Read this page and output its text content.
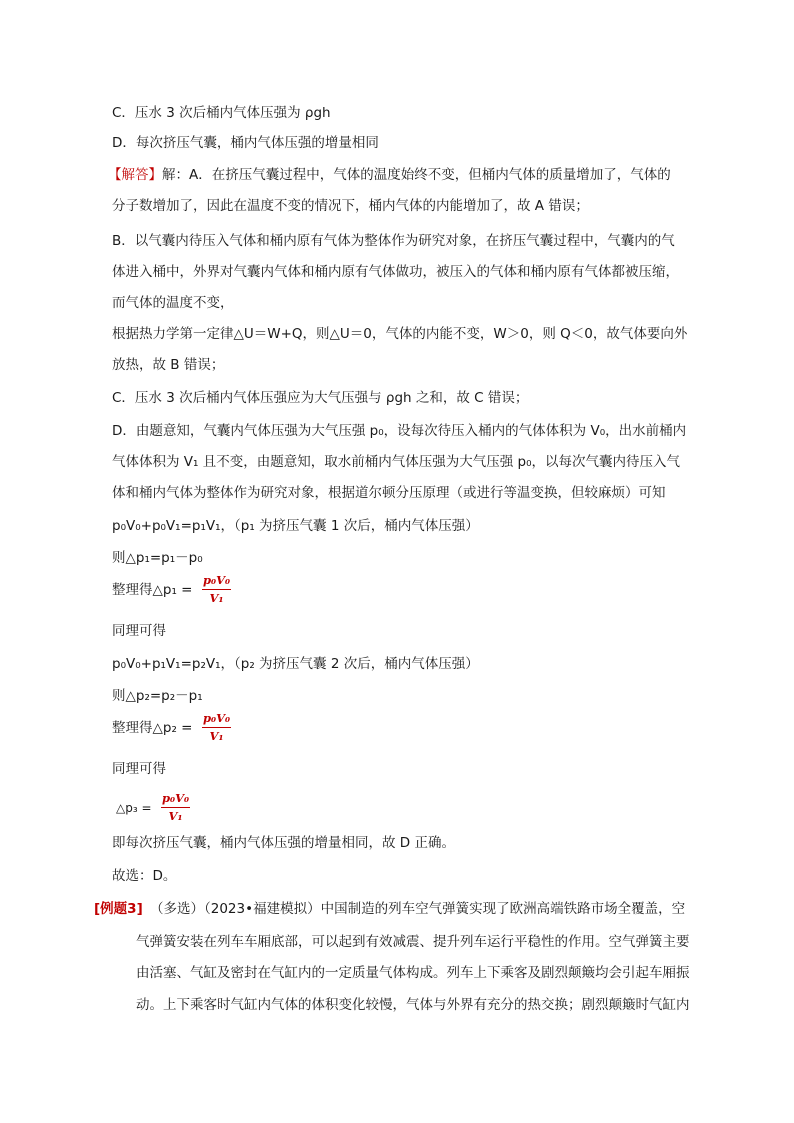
C．压水 3 次后桶内气体压强为 ρgh
D．每次挤压气囊，桶内气体压强的增量相同
【解答】解：A．在挤压气囊过程中，气体的温度始终不变，但桶内气体的质量增加了，气体的
分子数增加了，因此在温度不变的情况下，桶内气体的内能增加了，故 A 错误；
B．以气囊内待压入气体和桶内原有气体为整体作为研究对象，在挤压气囊过程中，气囊内的气
体进入桶中，外界对气囊内气体和桶内原有气体做功，被压入的气体和桶内原有气体都被压缩，
而气体的温度不变，
根据热力学第一定律△U＝W+Q，则△U＝0，气体的内能不变，W＞0，则 Q＜0，故气体要向外
放热，故 B 错误；
C．压水 3 次后桶内气体压强应为大气压强与 ρgh 之和，故 C 错误；
D．由题意知，气囊内气体压强为大气压强 p₀，设每次待压入桶内的气体体积为 V₀，出水前桶内
气体体积为 V₁ 且不变，由题意知，取水前桶内气体压强为大气压强 p₀，以每次气囊内待压入气
体和桶内气体为整体作为研究对象，根据道尔顿分压原理（或进行等温变换，但较麻烦）可知
p₀V₀+p₀V₁=p₁V₁，（p₁ 为挤压气囊 1 次后，桶内气体压强）
则△p₁=p₁－p₀
整理得△p₁ = $\frac{\text{p₀V₀}}{\text{V₁}}$
同理可得
p₀V₀+p₁V₁=p₂V₁，（p₂ 为挤压气囊 2 次后，桶内气体压强）
则△p₂=p₂－p₁
整理得△p₂ = $\frac{\text{p₀V₀}}{\text{V₁}}$
同理可得
△p₃ = $\frac{\text{p₀V₀}}{\text{V₁}}$
即每次挤压气囊，桶内气体压强的增量相同，故 D 正确。
故选：D。
[例题3] （多选）（2023•福建模拟）中国制造的列车空气弹簧实现了欧洲高端铁路市场全覆盖，空
气弹簧安装在列车车厢底部，可以起到有效减震、提升列车运行平稳性的作用。空气弹簧主要
由活塞、气缸及密封在气缸内的一定质量气体构成。列车上下乘客及剧烈颠簸均会引起车厢振
动。上下乘客时气缸内气体的体积变化较慢，气体与外界有充分的热交换；剧烈颠簸时气缸内
